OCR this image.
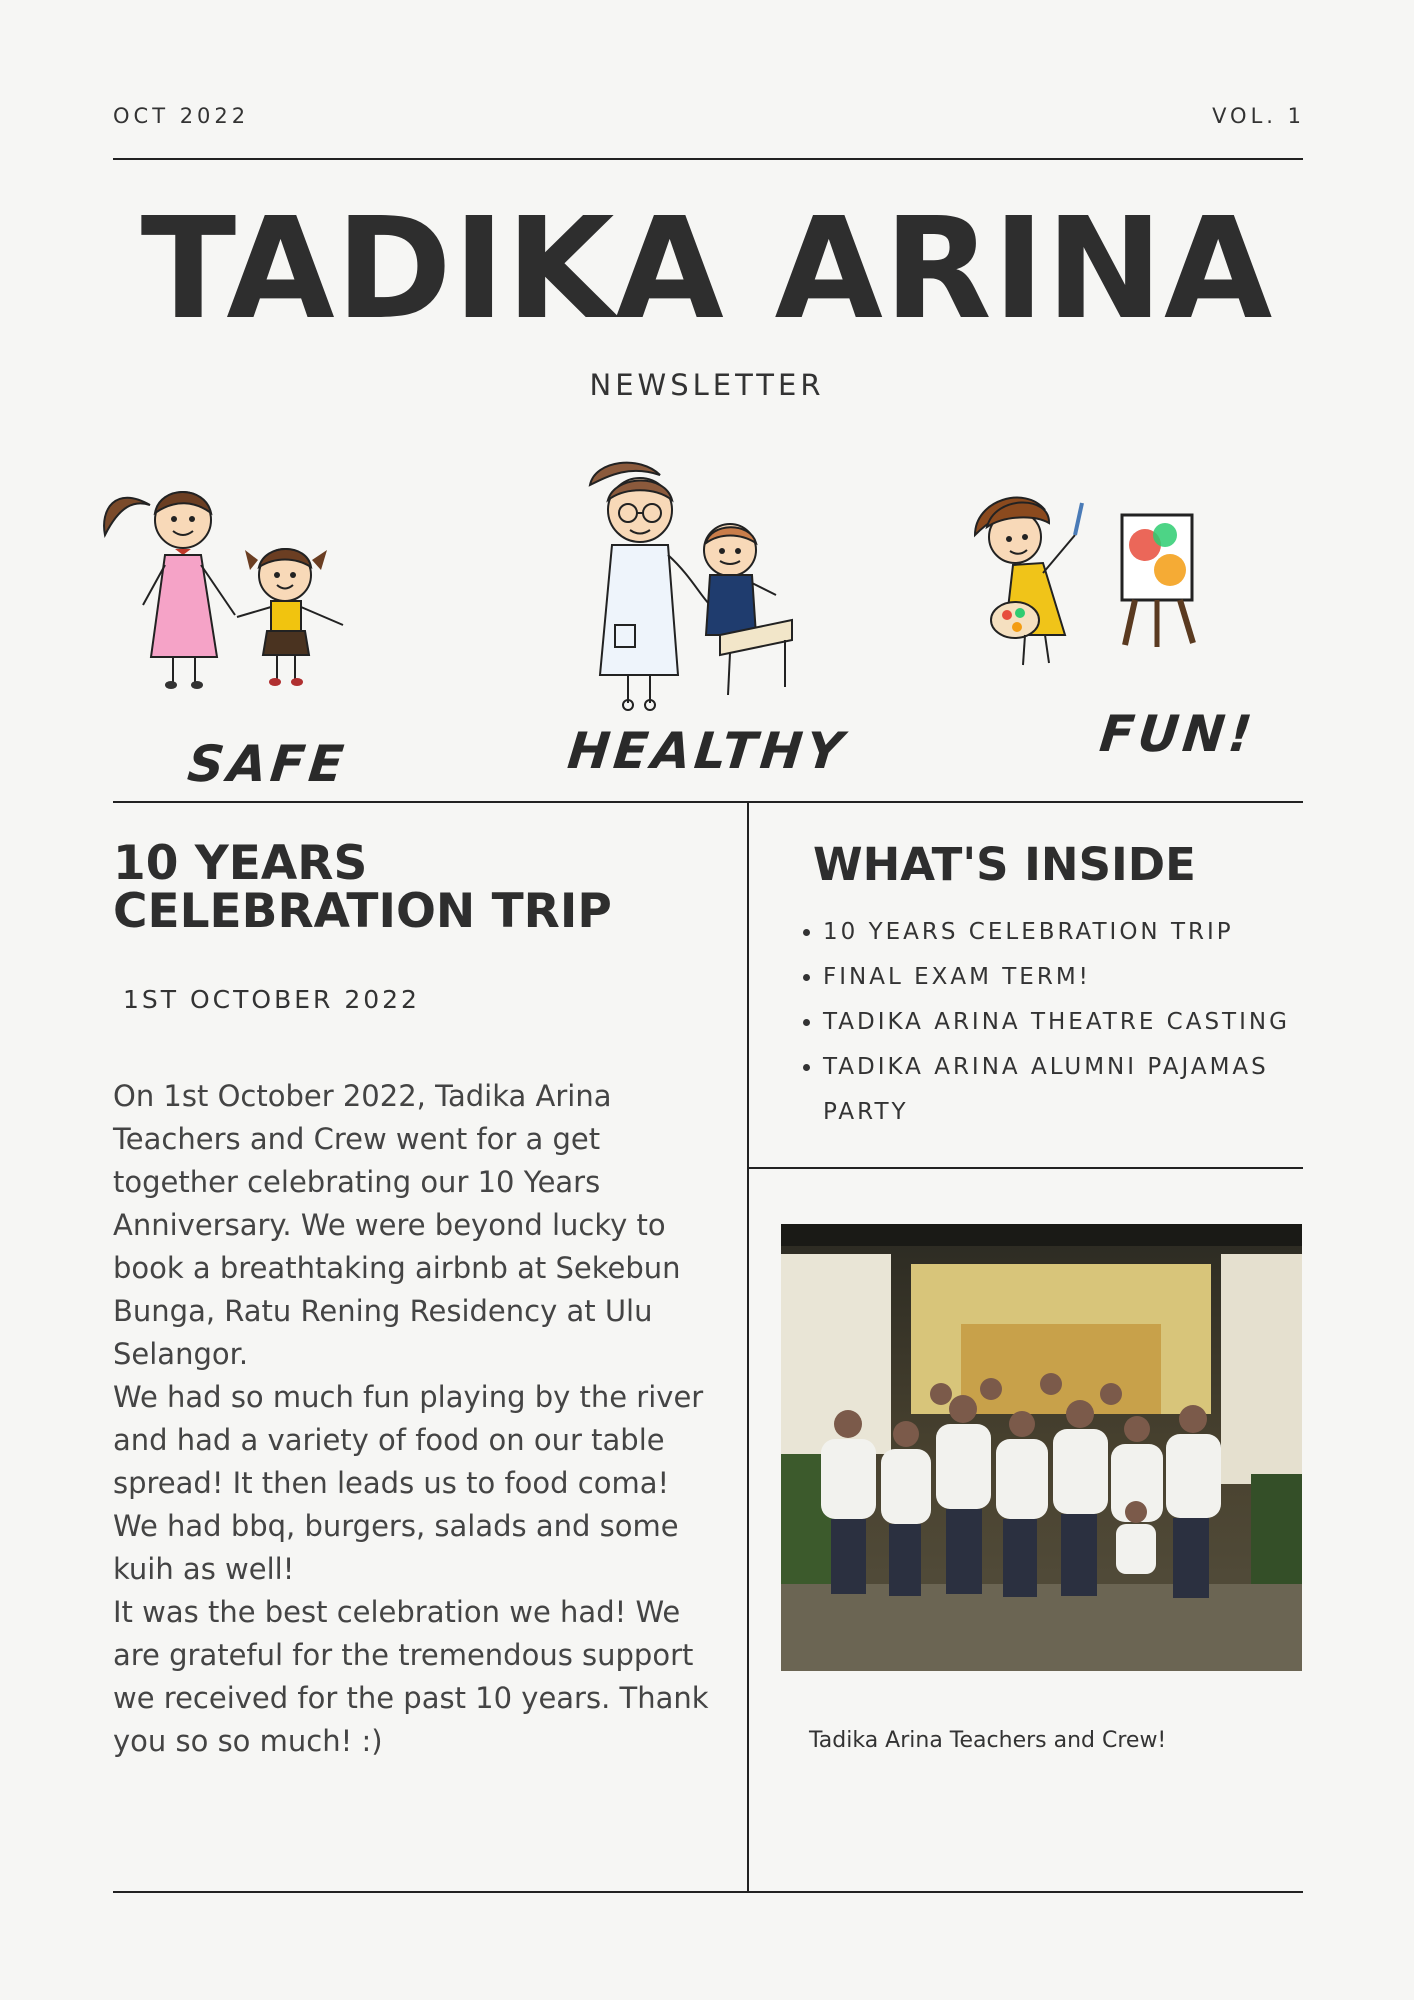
OCT 2022	VOL. 1
TADIKA ARINA
NEWSLETTER
SAFE	HEALTHY	FUN!
10 YEARS CELEBRATION TRIP
1ST OCTOBER 2022

On 1st October 2022, Tadika Arina Teachers and Crew went for a get together celebrating our 10 Years Anniversary. We were beyond lucky to book a breathtaking airbnb at Sekebun Bunga, Ratu Rening Residency at Ulu Selangor.

We had so much fun playing by the river and had a variety of food on our table spread! It then leads us to food coma! We had bbq, burgers, salads and some kuih as well!

It was the best celebration we had! We are grateful for the tremendous support we received for the past 10 years. Thank you so so much! :)

WHAT'S INSIDE
• 10 YEARS CELEBRATION TRIP
• FINAL EXAM TERM!
• TADIKA ARINA THEATRE CASTING
• TADIKA ARINA ALUMNI PAJAMAS PARTY
Tadika Arina Teachers and Crew!
